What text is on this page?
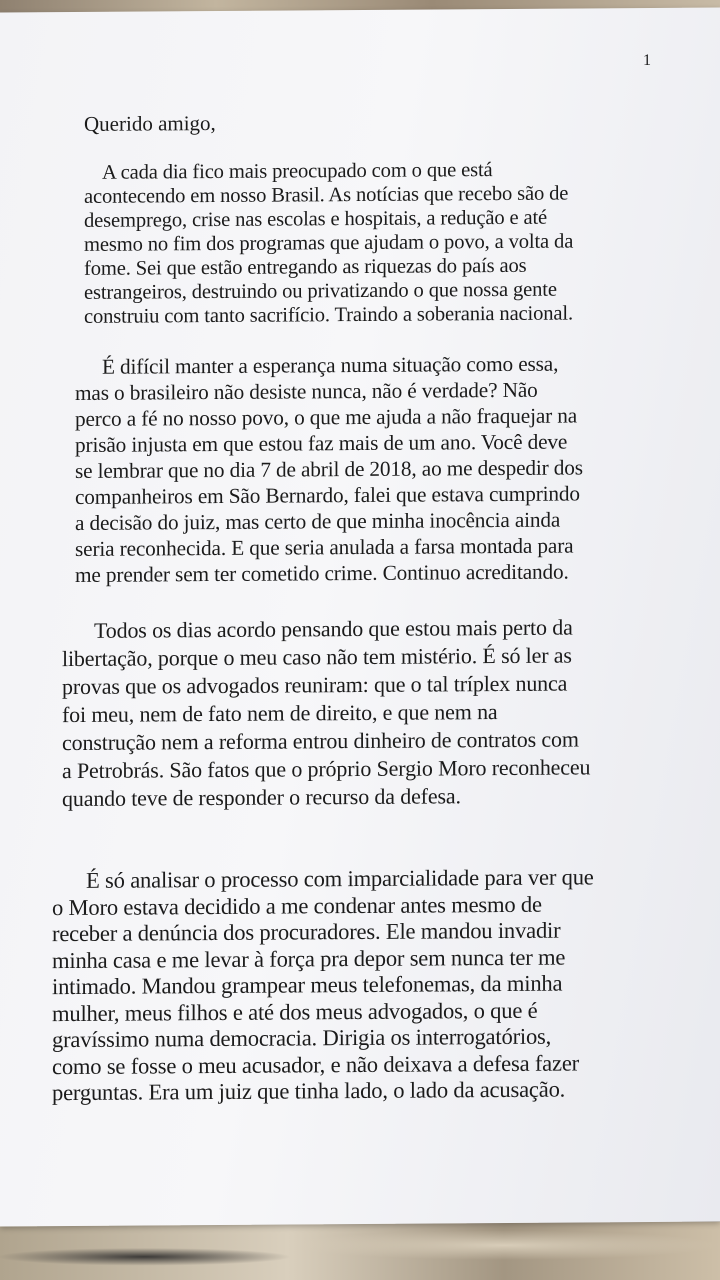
1
Querido amigo,
A cada dia fico mais preocupado com o que está
acontecendo em nosso Brasil. As notícias que recebo são de
desemprego, crise nas escolas e hospitais, a redução e até
mesmo no fim dos programas que ajudam o povo, a volta da
fome. Sei que estão entregando as riquezas do país aos
estrangeiros, destruindo ou privatizando o que nossa gente
construiu com tanto sacrifício. Traindo a soberania nacional.
É difícil manter a esperança numa situação como essa,
mas o brasileiro não desiste nunca, não é verdade? Não
perco a fé no nosso povo, o que me ajuda a não fraquejar na
prisão injusta em que estou faz mais de um ano. Você deve
se lembrar que no dia 7 de abril de 2018, ao me despedir dos
companheiros em São Bernardo, falei que estava cumprindo
a decisão do juiz, mas certo de que minha inocência ainda
seria reconhecida. E que seria anulada a farsa montada para
me prender sem ter cometido crime. Continuo acreditando.
Todos os dias acordo pensando que estou mais perto da
libertação, porque o meu caso não tem mistério. É só ler as
provas que os advogados reuniram: que o tal tríplex nunca
foi meu, nem de fato nem de direito, e que nem na
construção nem a reforma entrou dinheiro de contratos com
a Petrobrás. São fatos que o próprio Sergio Moro reconheceu
quando teve de responder o recurso da defesa.
É só analisar o processo com imparcialidade para ver que
o Moro estava decidido a me condenar antes mesmo de
receber a denúncia dos procuradores. Ele mandou invadir
minha casa e me levar à força pra depor sem nunca ter me
intimado. Mandou grampear meus telefonemas, da minha
mulher, meus filhos e até dos meus advogados, o que é
gravíssimo numa democracia. Dirigia os interrogatórios,
como se fosse o meu acusador, e não deixava a defesa fazer
perguntas. Era um juiz que tinha lado, o lado da acusação.
